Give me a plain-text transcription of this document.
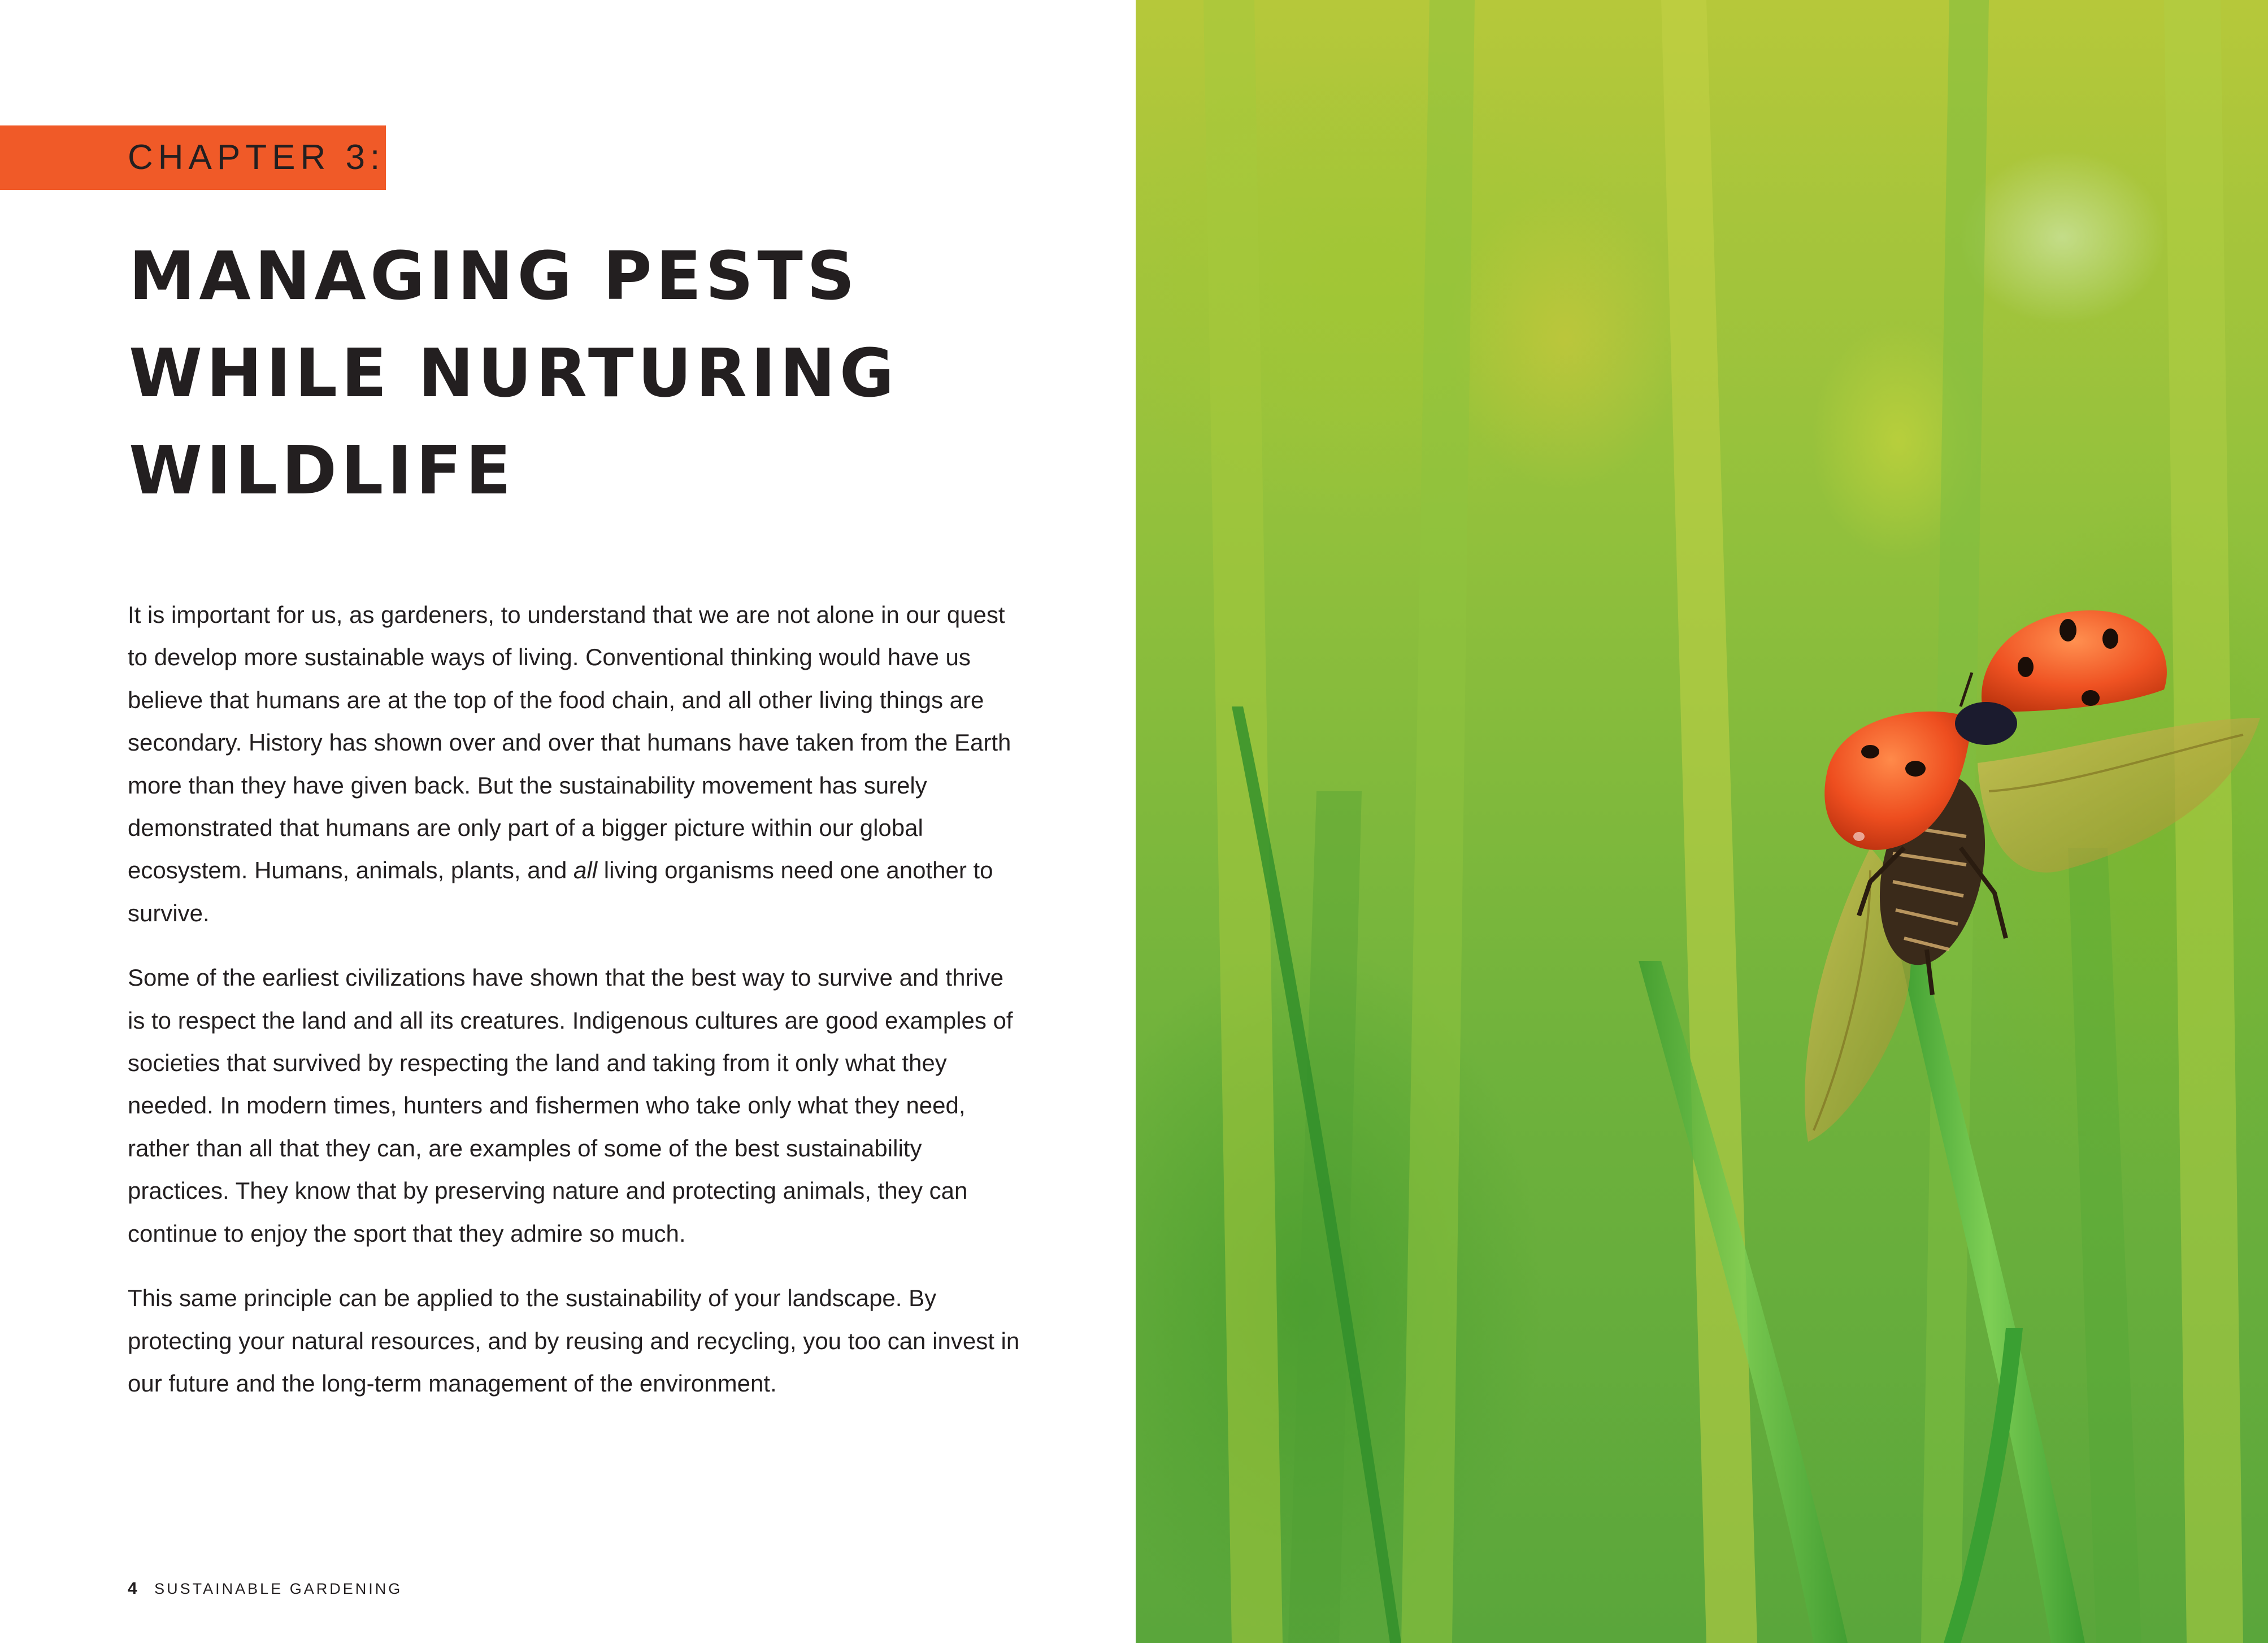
CHAPTER 3:
MANAGING PESTS
WHILE NURTURING
WILDLIFE

It is important for us, as gardeners, to understand that we are not alone in our quest to develop more sustainable ways of living. Conventional thinking would have us believe that humans are at the top of the food chain, and all other living things are secondary. History has shown over and over that humans have taken from the Earth more than they have given back. But the sustainability movement has surely demonstrated that humans are only part of a bigger picture within our global ecosystem. Humans, animals, plants, and all living organisms need one another to survive.

Some of the earliest civilizations have shown that the best way to survive and thrive is to respect the land and all its creatures. Indigenous cultures are good examples of societies that survived by respecting the land and taking from it only what they needed. In modern times, hunters and fishermen who take only what they need, rather than all that they can, are examples of some of the best sustainability practices. They know that by preserving nature and protecting animals, they can continue to enjoy the sport that they admire so much.

This same principle can be applied to the sustainability of your landscape. By protecting your natural resources, and by reusing and recycling, you too can invest in our future and the long-term management of the environment.

4 SUSTAINABLE GARDENING
